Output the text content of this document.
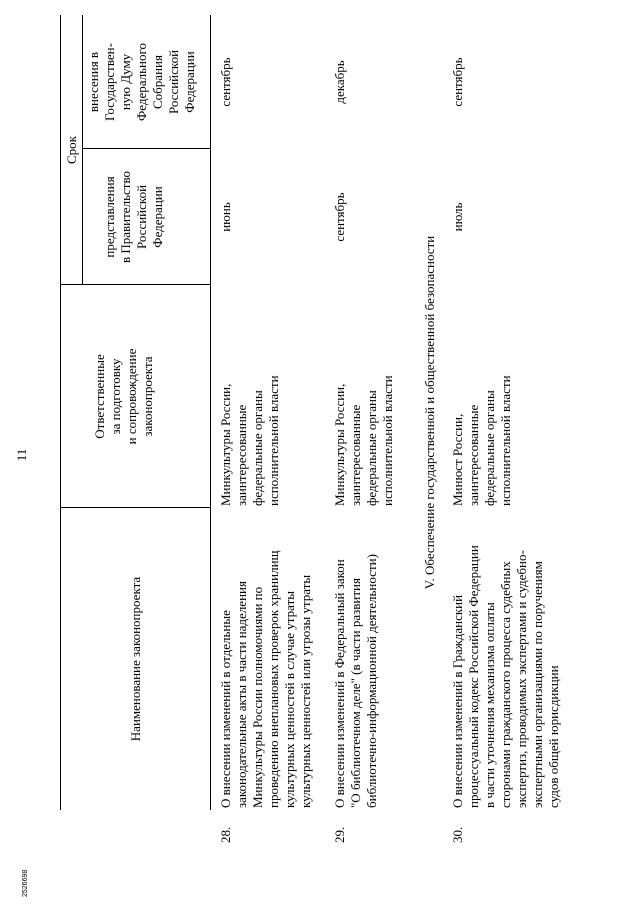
2526698
11
Наименование законопроекта
Ответственные за подготовку и сопровождение законопроекта
Срок
представления в Правительство Российской Федерации
внесения в Государствен- ную Думу Федерального Собрания Российской Федерации
28.
О внесении изменений в отдельные законодательные акты в части наделения Минкультуры России полномочиями по проведению внеплановых проверок хранилищ культурных ценностей в случае утраты культурных ценностей или угрозы утраты
Минкультуры России, заинтересованные федеральные органы исполнительной власти
июнь
сентябрь
29.
О внесении изменений в Федеральный закон "О библиотечном деле" (в части развития библиотечно-информационной деятельности)
Минкультуры России, заинтересованные федеральные органы исполнительной власти
сентябрь
декабрь
V. Обеспечение государственной и общественной безопасности
30.
О внесении изменений в Гражданский процессуальный кодекс Российской Федерации в части уточнения механизма оплаты сторонами гражданского процесса судебных экспертиз, проводимых экспертами и судебно- экспертными организациями по поручениям судов общей юрисдикции
Минюст России, заинтересованные федеральные органы исполнительной власти
июль
сентябрь
